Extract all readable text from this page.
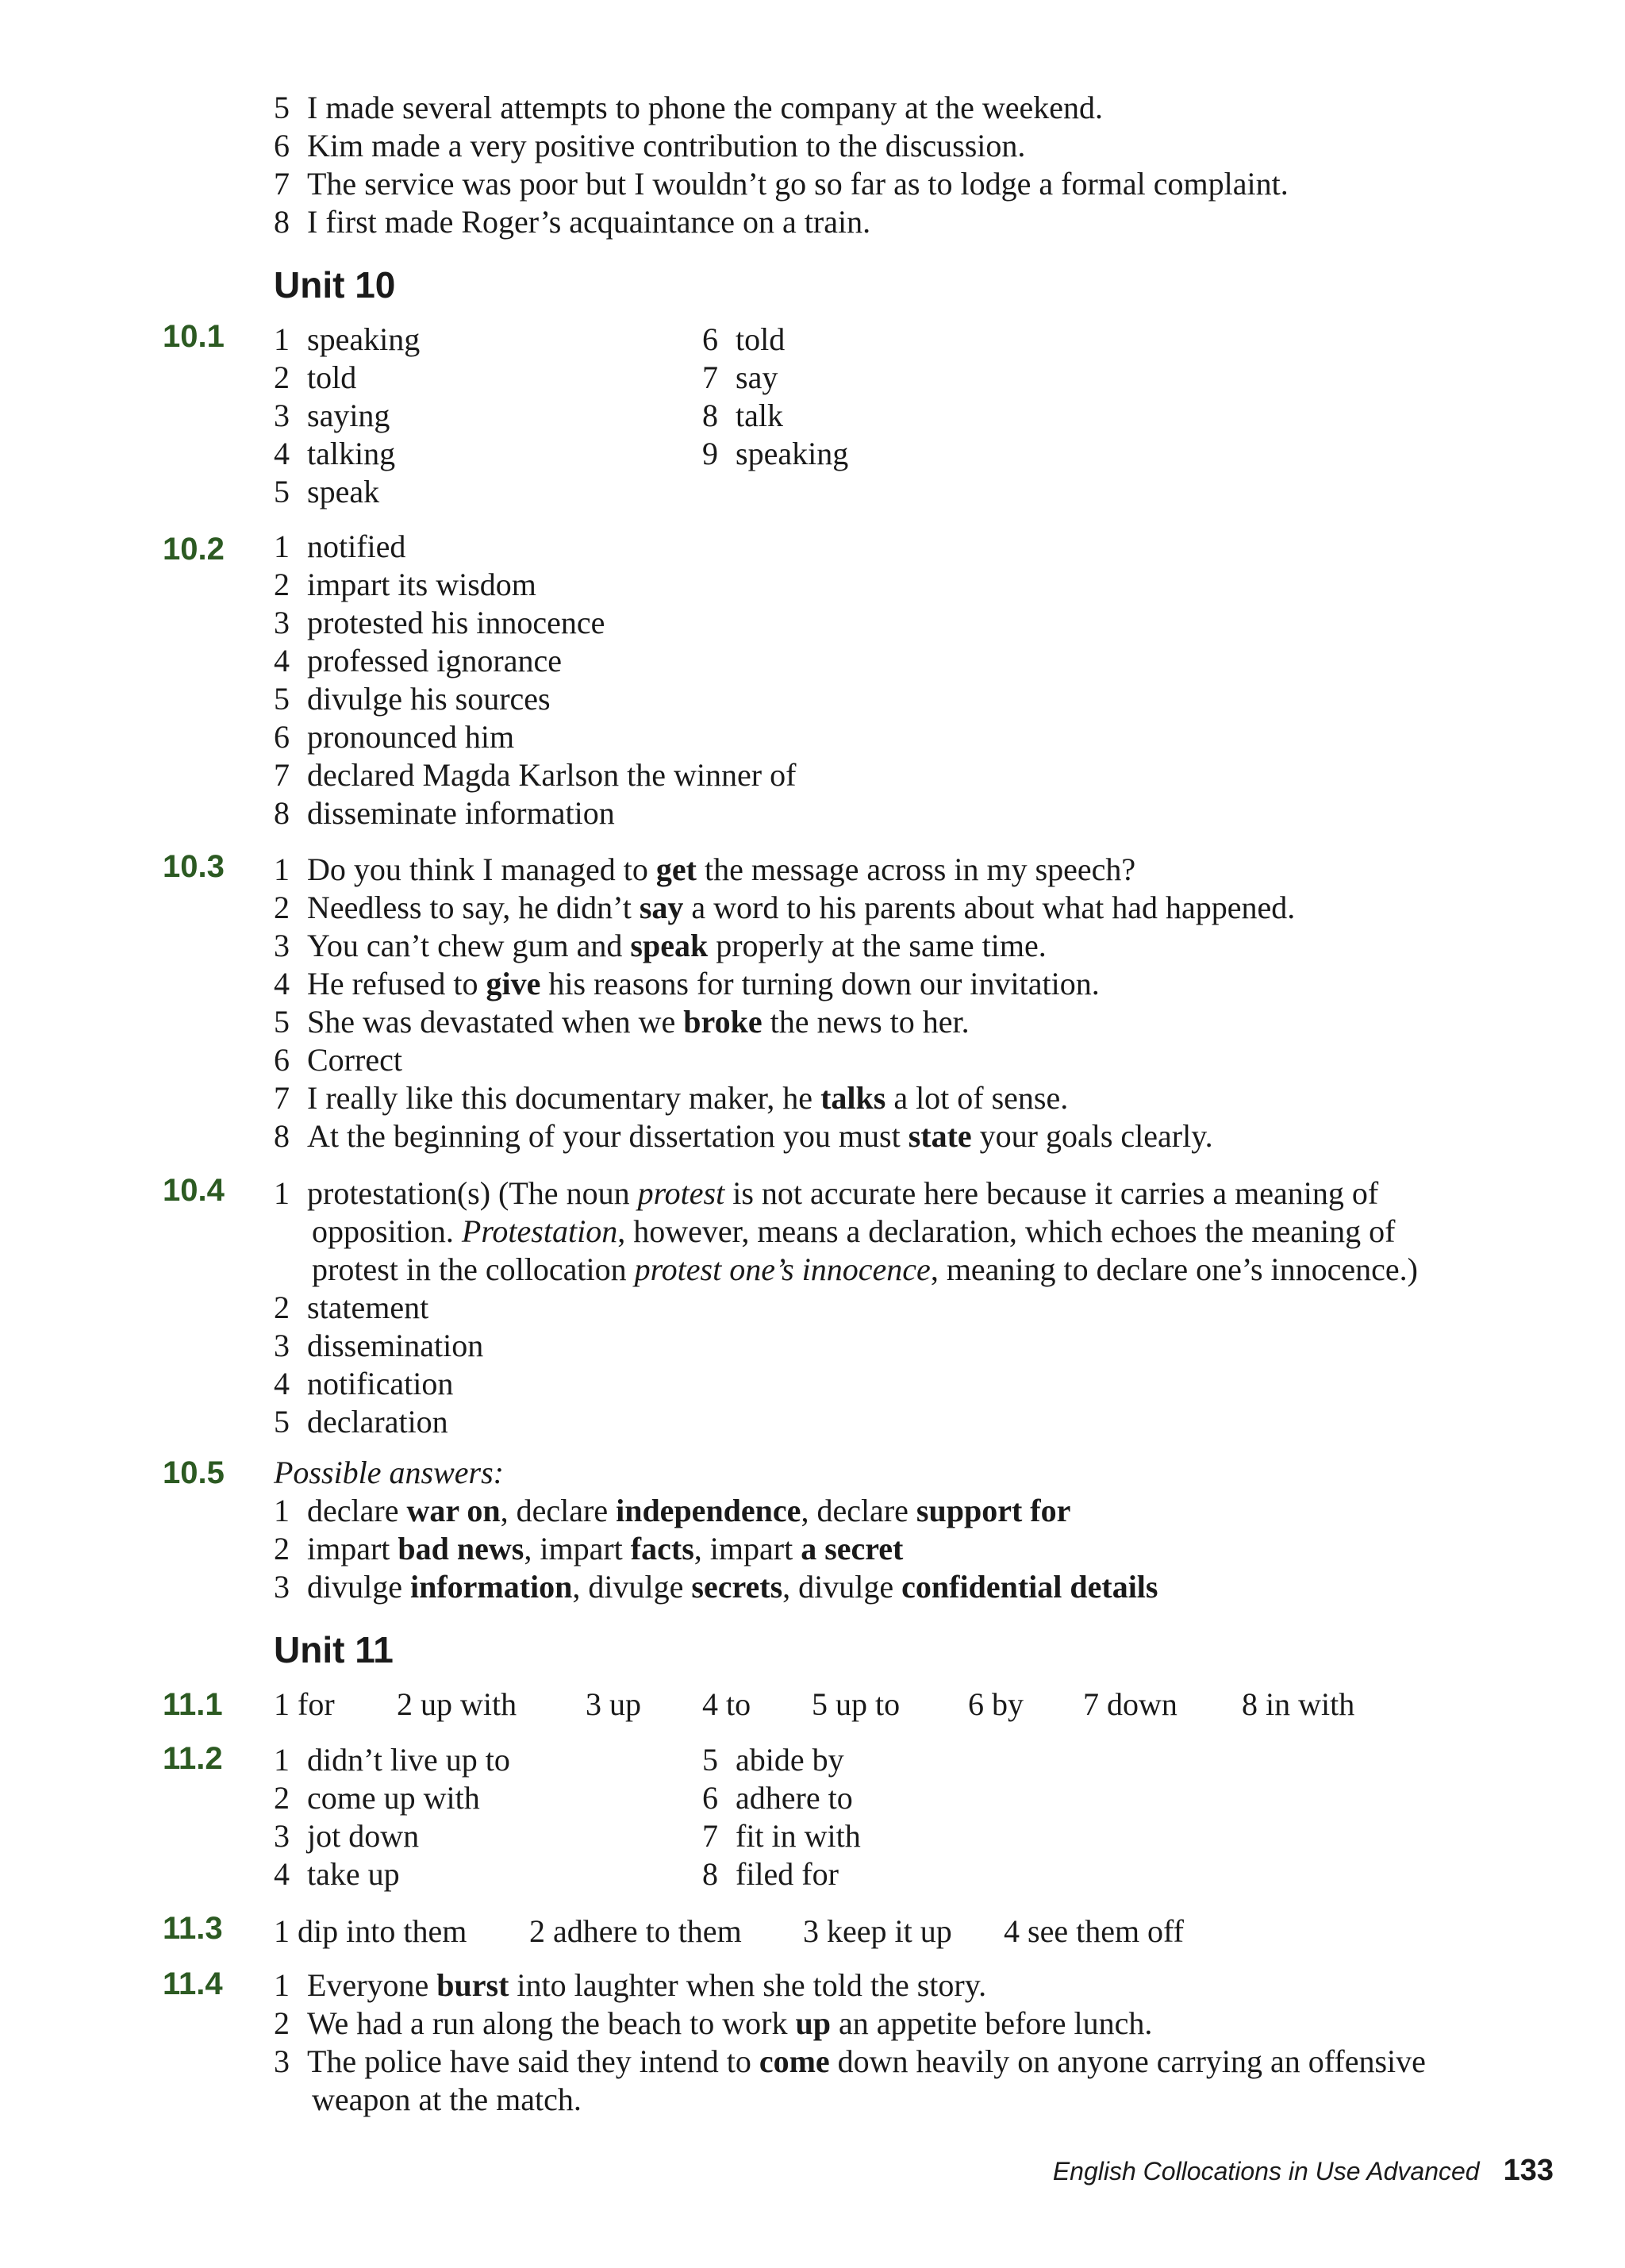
5 I made several attempts to phone the company at the weekend.
6 Kim made a very positive contribution to the discussion.
7 The service was poor but I wouldn’t go so far as to lodge a formal complaint.
8 I first made Roger’s acquaintance on a train.
Unit 10
10.1 1 speaking
2 told
3 saying
4 talking
5 speak
6 told
7 say
8 talk
9 speaking
10.2 1 notified
2 impart its wisdom
3 protested his innocence
4 professed ignorance
5 divulge his sources
6 pronounced him
7 declared Magda Karlson the winner of
8 disseminate information
10.3 1 Do you think I managed to get the message across in my speech?
2 Needless to say, he didn’t say a word to his parents about what had happened.
3 You can’t chew gum and speak properly at the same time.
4 He refused to give his reasons for turning down our invitation.
5 She was devastated when we broke the news to her.
6 Correct
7 I really like this documentary maker, he talks a lot of sense.
8 At the beginning of your dissertation you must state your goals clearly.
10.4 1 protestation(s) (The noun protest is not accurate here because it carries a meaning of
opposition. Protestation, however, means a declaration, which echoes the meaning of
protest in the collocation protest one’s innocence, meaning to declare one’s innocence.)
2 statement
3 dissemination
4 notification
5 declaration
10.5 Possible answers:
1 declare war on, declare independence, declare support for
2 impart bad news, impart facts, impart a secret
3 divulge information, divulge secrets, divulge confidential details
Unit 11
11.1 1 for 2 up with 3 up 4 to 5 up to 6 by 7 down 8 in with
11.2 1 didn’t live up to
2 come up with
3 jot down
4 take up
5 abide by
6 adhere to
7 fit in with
8 filed for
11.3 1 dip into them 2 adhere to them 3 keep it up 4 see them off
11.4 1 Everyone burst into laughter when she told the story.
2 We had a run along the beach to work up an appetite before lunch.
3 The police have said they intend to come down heavily on anyone carrying an offensive
weapon at the match.
English Collocations in Use Advanced 133
